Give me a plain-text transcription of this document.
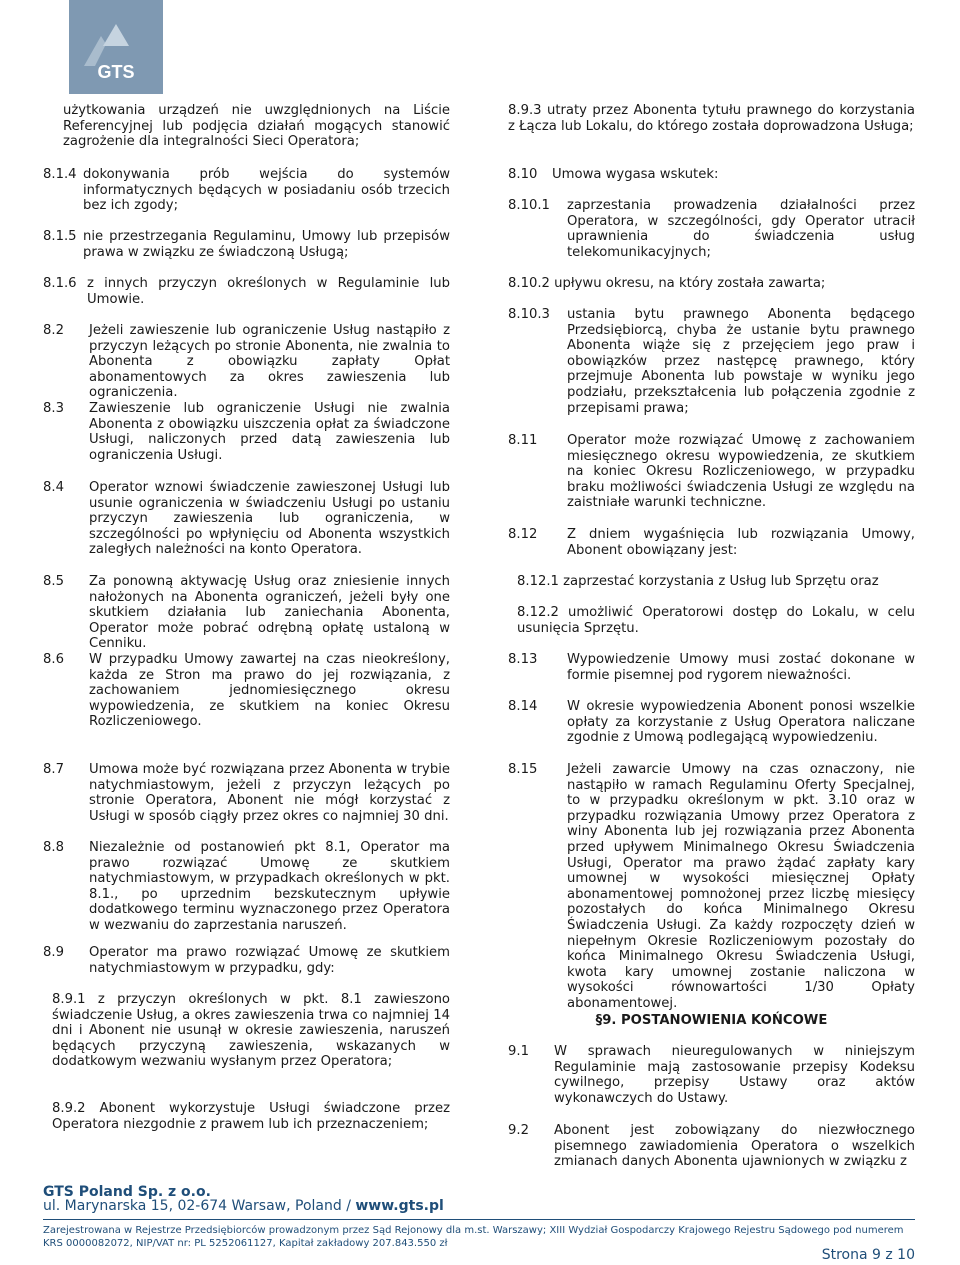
GTS
użytkowania urządzeń nie uwzględnionych na Liście Referencyjnej lub podjęcia działań mogących stanowić zagrożenie dla integralności Sieci Operatora;
8.1.4 dokonywania prób wejścia do systemów informatycznych będących w posiadaniu osób trzecich bez ich zgody;
8.1.5 nie przestrzegania Regulaminu, Umowy lub przepisów prawa w związku ze świadczoną Usługą;
8.1.6 z innych przyczyn określonych w Regulaminie lub Umowie.
8.2	Jeżeli zawieszenie lub ograniczenie Usług nastąpiło z przyczyn leżących po stronie Abonenta, nie zwalnia to Abonenta z obowiązku zapłaty Opłat abonamentowych za okres zawieszenia lub ograniczenia.
8.3	Zawieszenie lub ograniczenie Usługi nie zwalnia Abonenta z obowiązku uiszczenia opłat za świadczone Usługi, naliczonych przed datą zawieszenia lub ograniczenia Usługi.
8.4	Operator wznowi świadczenie zawieszonej Usługi lub usunie ograniczenia w świadczeniu Usługi po ustaniu przyczyn zawieszenia lub ograniczenia, w szczególności po wpłynięciu od Abonenta wszystkich zaległych należności na konto Operatora.
8.5	Za ponowną aktywację Usług oraz zniesienie innych nałożonych na Abonenta ograniczeń, jeżeli były one skutkiem działania lub zaniechania Abonenta, Operator może pobrać odrębną opłatę ustaloną w Cenniku.
8.6	W przypadku Umowy zawartej na czas nieokreślony, każda ze Stron ma prawo do jej rozwiązania, z zachowaniem jednomiesięcznego okresu wypowiedzenia, ze skutkiem na koniec Okresu Rozliczeniowego.
8.7	Umowa może być rozwiązana przez Abonenta w trybie natychmiastowym, jeżeli z przyczyn leżących po stronie Operatora, Abonent nie mógł korzystać z Usługi w sposób ciągły przez okres co najmniej 30 dni.
8.8	Niezależnie od postanowień pkt 8.1, Operator ma prawo rozwiązać Umowę ze skutkiem natychmiastowym, w przypadkach określonych w pkt. 8.1., po uprzednim bezskutecznym upływie dodatkowego terminu wyznaczonego przez Operatora w wezwaniu do zaprzestania naruszeń.
8.9	Operator ma prawo rozwiązać Umowę ze skutkiem natychmiastowym w przypadku, gdy:
8.9.1 z przyczyn określonych w pkt. 8.1 zawieszono świadczenie Usług, a okres zawieszenia trwa co najmniej 14 dni i Abonent nie usunął w okresie zawieszenia, naruszeń będących przyczyną zawieszenia, wskazanych w dodatkowym wezwaniu wysłanym przez Operatora;
8.9.2 Abonent wykorzystuje Usługi świadczone przez Operatora niezgodnie z prawem lub ich przeznaczeniem;
8.9.3 utraty przez Abonenta tytułu prawnego do korzystania z Łącza lub Lokalu, do którego została doprowadzona Usługa;
8.10	Umowa wygasa wskutek:
8.10.1	zaprzestania prowadzenia działalności przez Operatora, w szczególności, gdy Operator utracił uprawnienia do świadczenia usług telekomunikacyjnych;
8.10.2 upływu okresu, na który została zawarta;
8.10.3	ustania bytu prawnego Abonenta będącego Przedsiębiorcą, chyba że ustanie bytu prawnego Abonenta wiąże się z przejęciem jego praw i obowiązków przez następcę prawnego, który przejmuje Abonenta lub powstaje w wyniku jego podziału, przekształcenia lub połączenia zgodnie z przepisami prawa;
8.11	Operator może rozwiązać Umowę z zachowaniem miesięcznego okresu wypowiedzenia, ze skutkiem na koniec Okresu Rozliczeniowego, w przypadku braku możliwości świadczenia Usługi ze względu na zaistniałe warunki techniczne.
8.12	Z dniem wygaśnięcia lub rozwiązania Umowy, Abonent obowiązany jest:
8.12.1 zaprzestać korzystania z Usług lub Sprzętu oraz
8.12.2 umożliwić Operatorowi dostęp do Lokalu, w celu usunięcia Sprzętu.
8.13	Wypowiedzenie Umowy musi zostać dokonane w formie pisemnej pod rygorem nieważności.
8.14	W okresie wypowiedzenia Abonent ponosi wszelkie opłaty za korzystanie z Usług Operatora naliczane zgodnie z Umową podlegającą wypowiedzeniu.
8.15	Jeżeli zawarcie Umowy na czas oznaczony, nie nastąpiło w ramach Regulaminu Oferty Specjalnej, to w przypadku określonym w pkt. 3.10 oraz w przypadku rozwiązania Umowy przez Operatora z winy Abonenta lub jej rozwiązania przez Abonenta przed upływem Minimalnego Okresu Świadczenia Usługi, Operator ma prawo żądać zapłaty kary umownej w wysokości miesięcznej Opłaty abonamentowej pomnożonej przez liczbę miesięcy pozostałych do końca Minimalnego Okresu Świadczenia Usługi. Za każdy rozpoczęty dzień w niepełnym Okresie Rozliczeniowym pozostały do końca Minimalnego Okresu Świadczenia Usługi, kwota kary umownej zostanie naliczona w wysokości równowartości 1/30 Opłaty abonamentowej.
§9. POSTANOWIENIA KOŃCOWE
9.1	W sprawach nieuregulowanych w niniejszym Regulaminie mają zastosowanie przepisy Kodeksu cywilnego, przepisy Ustawy oraz aktów wykonawczych do Ustawy.
9.2	Abonent jest zobowiązany do niezwłocznego pisemnego zawiadomienia Operatora o wszelkich zmianach danych Abonenta ujawnionych w związku z
GTS Poland Sp. z o.o.
ul. Marynarska 15, 02-674 Warsaw, Poland / www.gts.pl
Zarejestrowana w Rejestrze Przedsiębiorców prowadzonym przez Sąd Rejonowy dla m.st. Warszawy; XIII Wydział Gospodarczy Krajowego Rejestru Sądowego pod numerem KRS 0000082072, NIP/VAT nr: PL 5252061127, Kapitał zakładowy 207.843.550 zł
Strona 9 z 10
